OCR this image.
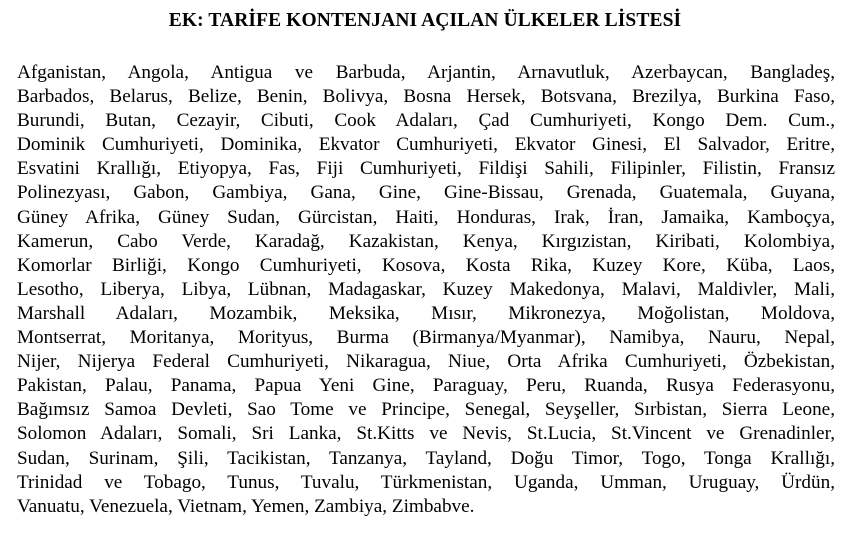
EK: TARİFE KONTENJANI AÇILAN ÜLKELER LİSTESİ
Afganistan, Angola, Antigua ve Barbuda, Arjantin, Arnavutluk, Azerbaycan, Bangladeş,
Barbados, Belarus, Belize, Benin, Bolivya, Bosna Hersek, Botsvana, Brezilya, Burkina Faso,
Burundi, Butan, Cezayir, Cibuti, Cook Adaları, Çad Cumhuriyeti, Kongo Dem. Cum.,
Dominik Cumhuriyeti, Dominika, Ekvator Cumhuriyeti, Ekvator Ginesi, El Salvador, Eritre,
Esvatini Krallığı, Etiyopya, Fas, Fiji Cumhuriyeti, Fildişi Sahili, Filipinler, Filistin, Fransız
Polinezyası, Gabon, Gambiya, Gana, Gine, Gine-Bissau, Grenada, Guatemala, Guyana,
Güney Afrika, Güney Sudan, Gürcistan, Haiti, Honduras, Irak, İran, Jamaika, Kamboçya,
Kamerun, Cabo Verde, Karadağ, Kazakistan, Kenya, Kırgızistan, Kiribati, Kolombiya,
Komorlar Birliği, Kongo Cumhuriyeti, Kosova, Kosta Rika, Kuzey Kore, Küba, Laos,
Lesotho, Liberya, Libya, Lübnan, Madagaskar, Kuzey Makedonya, Malavi, Maldivler, Mali,
Marshall Adaları, Mozambik, Meksika, Mısır, Mikronezya, Moğolistan, Moldova,
Montserrat, Moritanya, Morityus, Burma (Birmanya/Myanmar), Namibya, Nauru, Nepal,
Nijer, Nijerya Federal Cumhuriyeti, Nikaragua, Niue, Orta Afrika Cumhuriyeti, Özbekistan,
Pakistan, Palau, Panama, Papua Yeni Gine, Paraguay, Peru, Ruanda, Rusya Federasyonu,
Bağımsız Samoa Devleti, Sao Tome ve Principe, Senegal, Seyşeller, Sırbistan, Sierra Leone,
Solomon Adaları, Somali, Sri Lanka, St.Kitts ve Nevis, St.Lucia, St.Vincent ve Grenadinler,
Sudan, Surinam, Şili, Tacikistan, Tanzanya, Tayland, Doğu Timor, Togo, Tonga Krallığı,
Trinidad ve Tobago, Tunus, Tuvalu, Türkmenistan, Uganda, Umman, Uruguay, Ürdün,
Vanuatu, Venezuela, Vietnam, Yemen, Zambiya, Zimbabve.
